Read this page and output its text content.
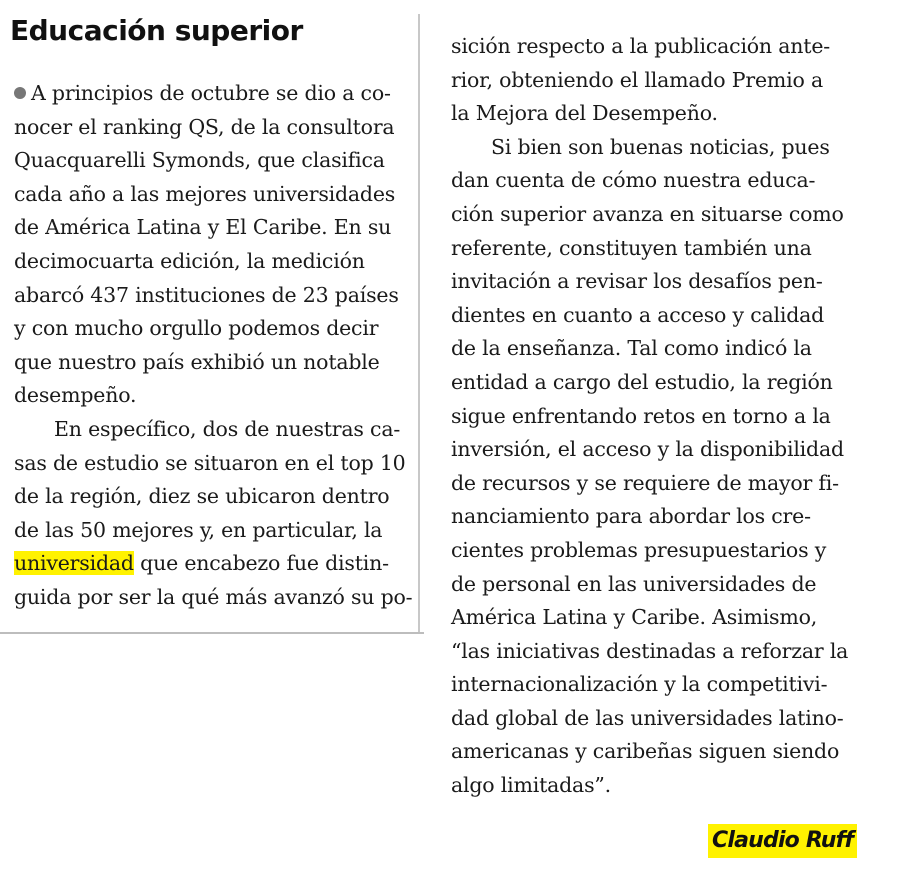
Educación superior
A principios de octubre se dio a co-
nocer el ranking QS, de la consultora
Quacquarelli Symonds, que clasifica
cada año a las mejores universidades
de América Latina y El Caribe. En su
decimocuarta edición, la medición
abarcó 437 instituciones de 23 países
y con mucho orgullo podemos decir
que nuestro país exhibió un notable
desempeño.
En específico, dos de nuestras ca-
sas de estudio se situaron en el top 10
de la región, diez se ubicaron dentro
de las 50 mejores y, en particular, la
universidad que encabezo fue distin-
guida por ser la qué más avanzó su po-
sición respecto a la publicación ante-
rior, obteniendo el llamado Premio a
la Mejora del Desempeño.
Si bien son buenas noticias, pues
dan cuenta de cómo nuestra educa-
ción superior avanza en situarse como
referente, constituyen también una
invitación a revisar los desafíos pen-
dientes en cuanto a acceso y calidad
de la enseñanza. Tal como indicó la
entidad a cargo del estudio, la región
sigue enfrentando retos en torno a la
inversión, el acceso y la disponibilidad
de recursos y se requiere de mayor fi-
nanciamiento para abordar los cre-
cientes problemas presupuestarios y
de personal en las universidades de
América Latina y Caribe. Asimismo,
“las iniciativas destinadas a reforzar la
internacionalización y la competitivi-
dad global de las universidades latino-
americanas y caribeñas siguen siendo
algo limitadas”.
Claudio Ruff
